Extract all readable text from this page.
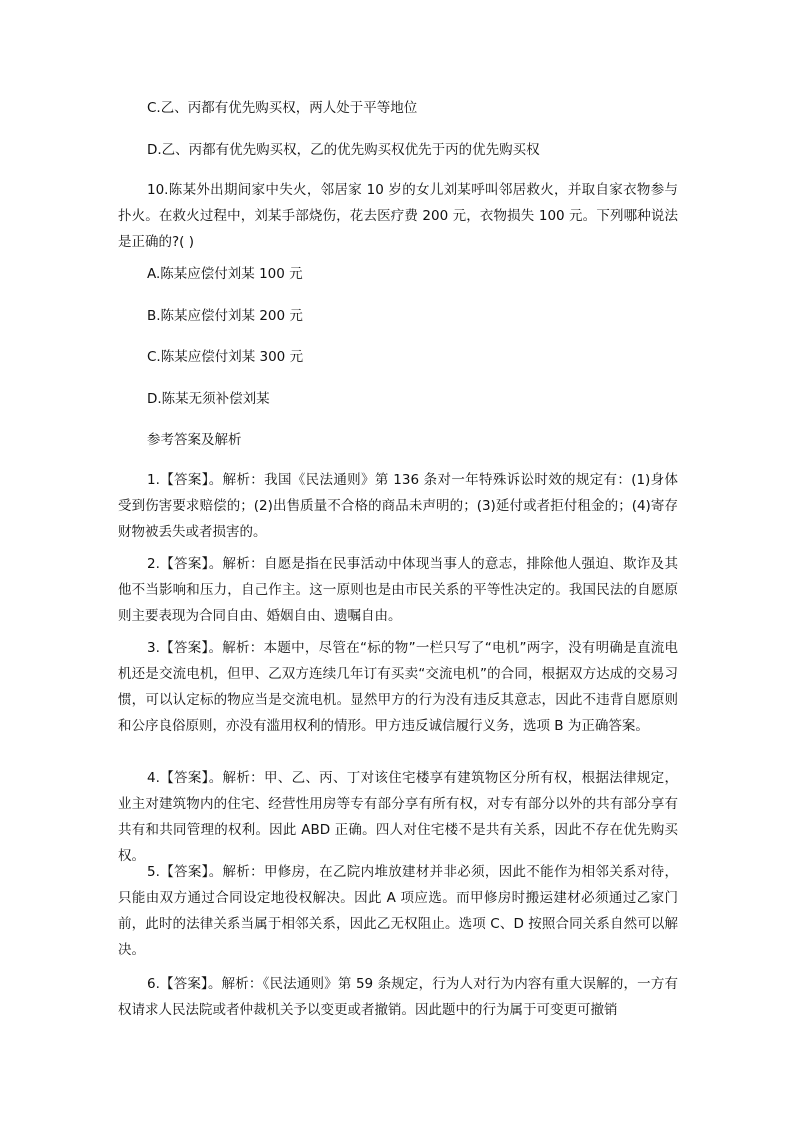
C.乙、丙都有优先购买权，两人处于平等地位
D.乙、丙都有优先购买权，乙的优先购买权优先于丙的优先购买权
10.陈某外出期间家中失火，邻居家 10 岁的女儿刘某呼叫邻居救火，并取自家衣物参与扑火。在救火过程中，刘某手部烧伤，花去医疗费 200 元，衣物损失 100 元。下列哪种说法是正确的?( )
A.陈某应偿付刘某 100 元
B.陈某应偿付刘某 200 元
C.陈某应偿付刘某 300 元
D.陈某无须补偿刘某
参考答案及解析
1.【答案】。解析：我国《民法通则》第 136 条对一年特殊诉讼时效的规定有：(1)身体受到伤害要求赔偿的；(2)出售质量不合格的商品未声明的；(3)延付或者拒付租金的；(4)寄存财物被丢失或者损害的。
2.【答案】。解析：自愿是指在民事活动中体现当事人的意志，排除他人强迫、欺诈及其他不当影响和压力，自己作主。这一原则也是由市民关系的平等性决定的。我国民法的自愿原则主要表现为合同自由、婚姻自由、遗嘱自由。
3.【答案】。解析：本题中，尽管在“标的物”一栏只写了“电机”两字，没有明确是直流电机还是交流电机，但甲、乙双方连续几年订有买卖“交流电机”的合同，根据双方达成的交易习惯，可以认定标的物应当是交流电机。显然甲方的行为没有违反其意志，因此不违背自愿原则和公序良俗原则，亦没有滥用权利的情形。甲方违反诚信履行义务，选项 B 为正确答案。
4.【答案】。解析：甲、乙、丙、丁对该住宅楼享有建筑物区分所有权，根据法律规定，业主对建筑物内的住宅、经营性用房等专有部分享有所有权，对专有部分以外的共有部分享有共有和共同管理的权利。因此 ABD 正确。四人对住宅楼不是共有关系，因此不存在优先购买权。
5.【答案】。解析：甲修房，在乙院内堆放建材并非必须，因此不能作为相邻关系对待，只能由双方通过合同设定地役权解决。因此 A 项应选。而甲修房时搬运建材必须通过乙家门前，此时的法律关系当属于相邻关系，因此乙无权阻止。选项 C、D 按照合同关系自然可以解决。
6.【答案】。解析：《民法通则》第 59 条规定，行为人对行为内容有重大误解的，一方有权请求人民法院或者仲裁机关予以变更或者撤销。因此题中的行为属于可变更可撤销
